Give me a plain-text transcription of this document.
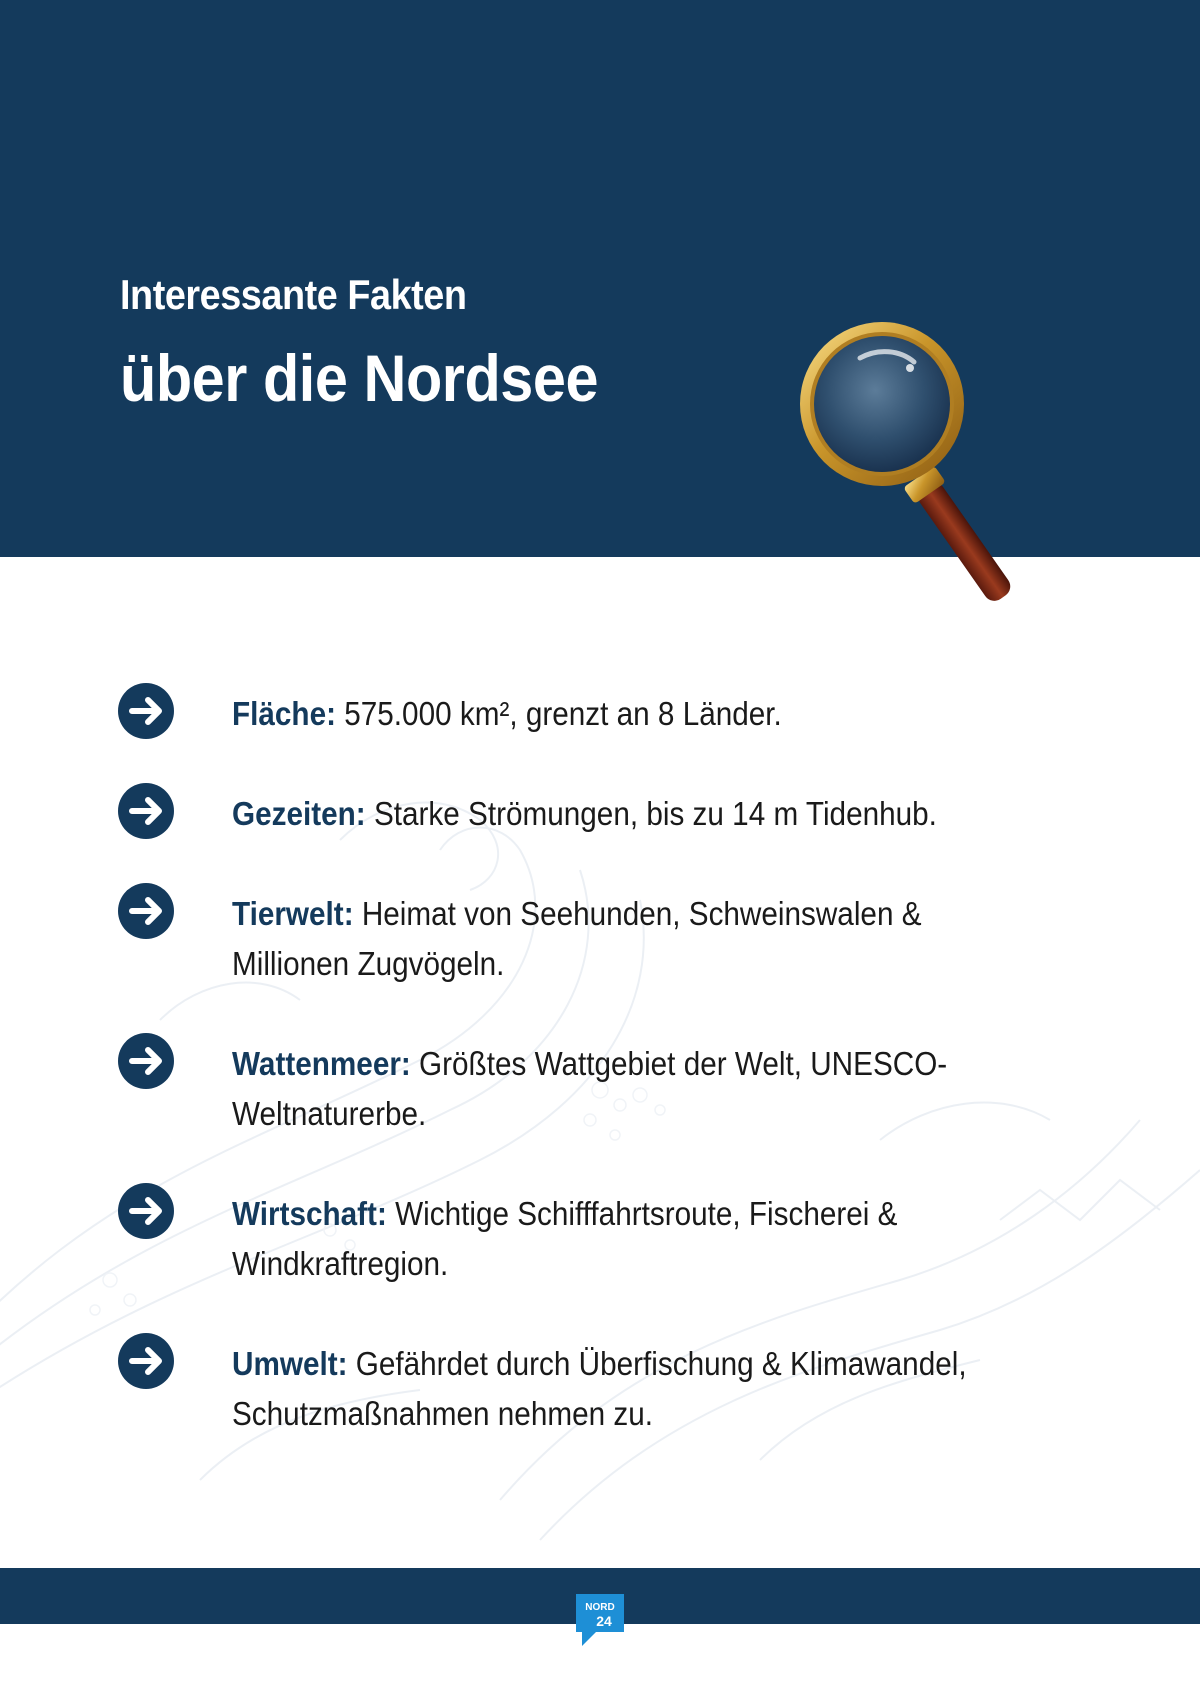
Interessante Fakten
über die Nordsee
Fläche: 575.000 km², grenzt an 8 Länder.
Gezeiten: Starke Strömungen, bis zu 14 m Tidenhub.
Tierwelt: Heimat von Seehunden, Schweinswalen & Millionen Zugvögeln.
Wattenmeer: Größtes Wattgebiet der Welt, UNESCO-Weltnaturerbe.
Wirtschaft: Wichtige Schifffahrtsroute, Fischerei & Windkraftregion.
Umwelt: Gefährdet durch Überfischung & Klimawandel, Schutzmaßnahmen nehmen zu.
NORD
24
